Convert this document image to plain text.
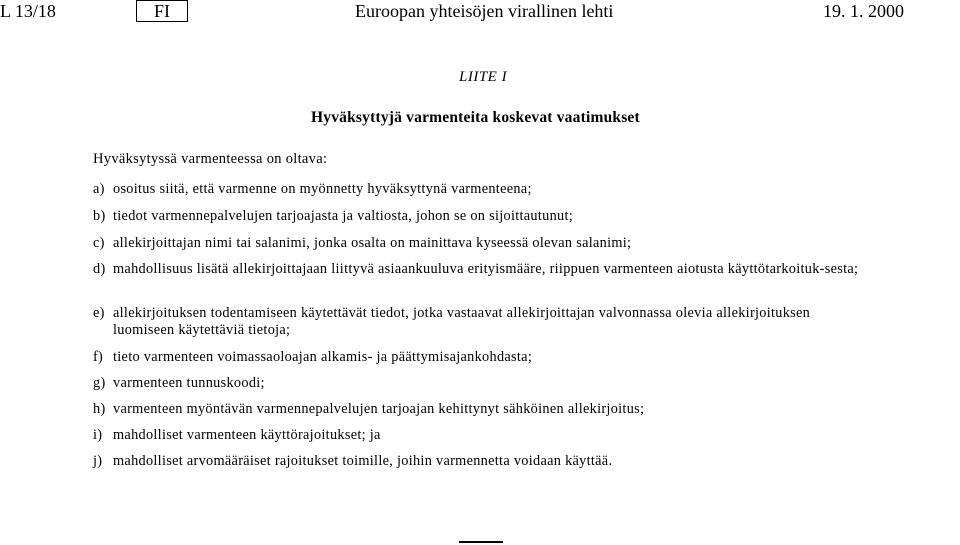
L 13/18	FI	Euroopan yhteisöjen virallinen lehti	19. 1. 2000
LIITE I
Hyväksyttyjä varmenteita koskevat vaatimukset
Hyväksytyssä varmenteessa on oltava:
a) osoitus siitä, että varmenne on myönnetty hyväksyttynä varmenteena;
b) tiedot varmennepalvelujen tarjoajasta ja valtiosta, johon se on sijoittautunut;
c) allekirjoittajan nimi tai salanimi, jonka osalta on mainittava kyseessä olevan salanimi;
d) mahdollisuus lisätä allekirjoittajaan liittyvä asiaankuuluva erityismääre, riippuen varmenteen aiotusta käyttötarkoituk-sesta;
e) allekirjoituksen todentamiseen käytettävät tiedot, jotka vastaavat allekirjoittajan valvonnassa olevia allekirjoituksen luomiseen käytettäviä tietoja;
f) tieto varmenteen voimassaoloajan alkamis- ja päättymisajankohdasta;
g) varmenteen tunnuskoodi;
h) varmenteen myöntävän varmennepalvelujen tarjoajan kehittynyt sähköinen allekirjoitus;
i) mahdolliset varmenteen käyttörajoitukset; ja
j) mahdolliset arvomääräiset rajoitukset toimille, joihin varmennetta voidaan käyttää.
